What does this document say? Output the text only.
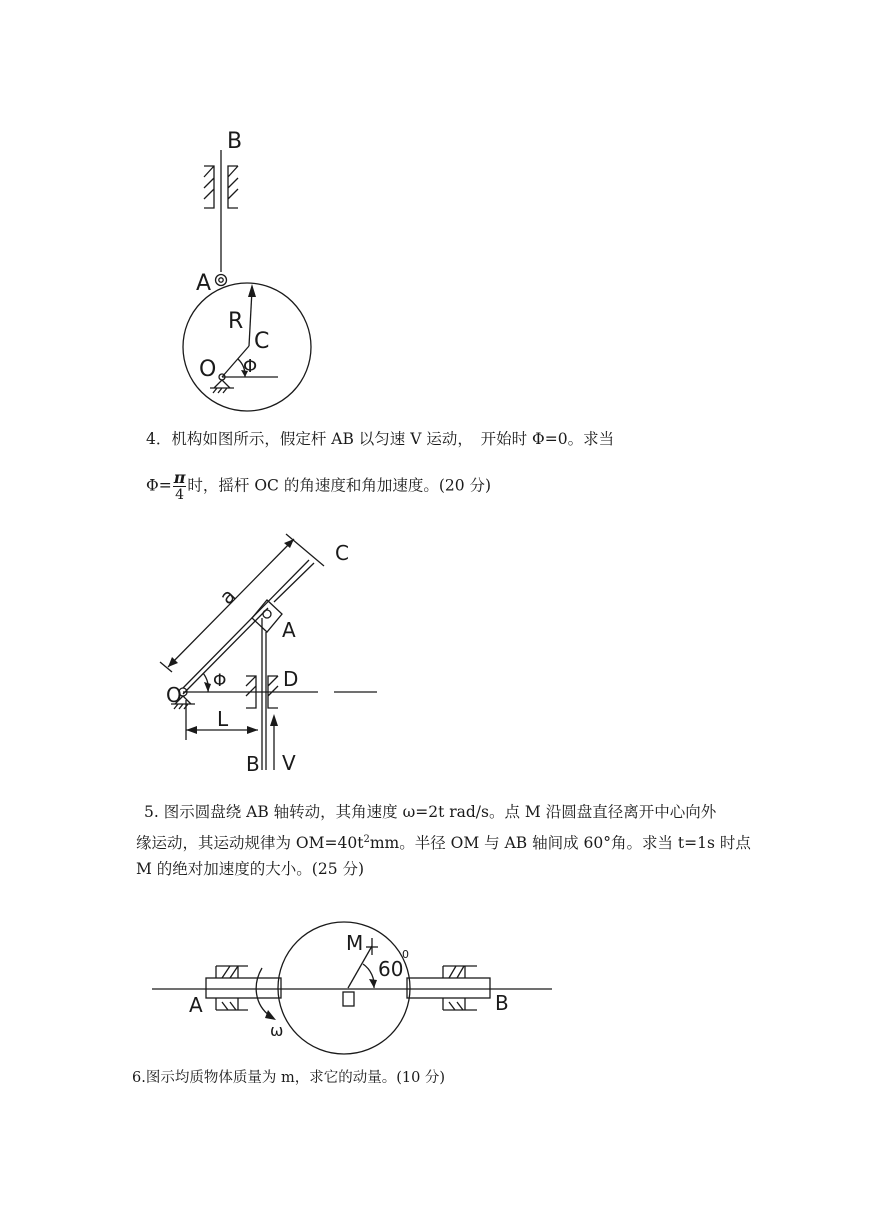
B
A
R
C
O Φ
C
a
A
Φ	D
O
L
B V
M
60
0
A	B
ω
4．机构如图所示，假定杆 AB 以匀速 V 运动，　开始时 Φ=0。求当
$\Phi= \frac{\pi}{4}$ 时，摇杆 OC 的角速度和角加速度。(20 分)
5. 图示圆盘绕 AB 轴转动，其角速度 ω=2t rad/s。点 M 沿圆盘直径离开中心向外
缘运动，其运动规律为 $OM=40t^2mm$。半径 OM 与 AB 轴间成 60°角。求当 t=1s 时点
M 的绝对加速度的大小。(25 分)
6.图示均质物体质量为 m，求它的动量。(10 分)
